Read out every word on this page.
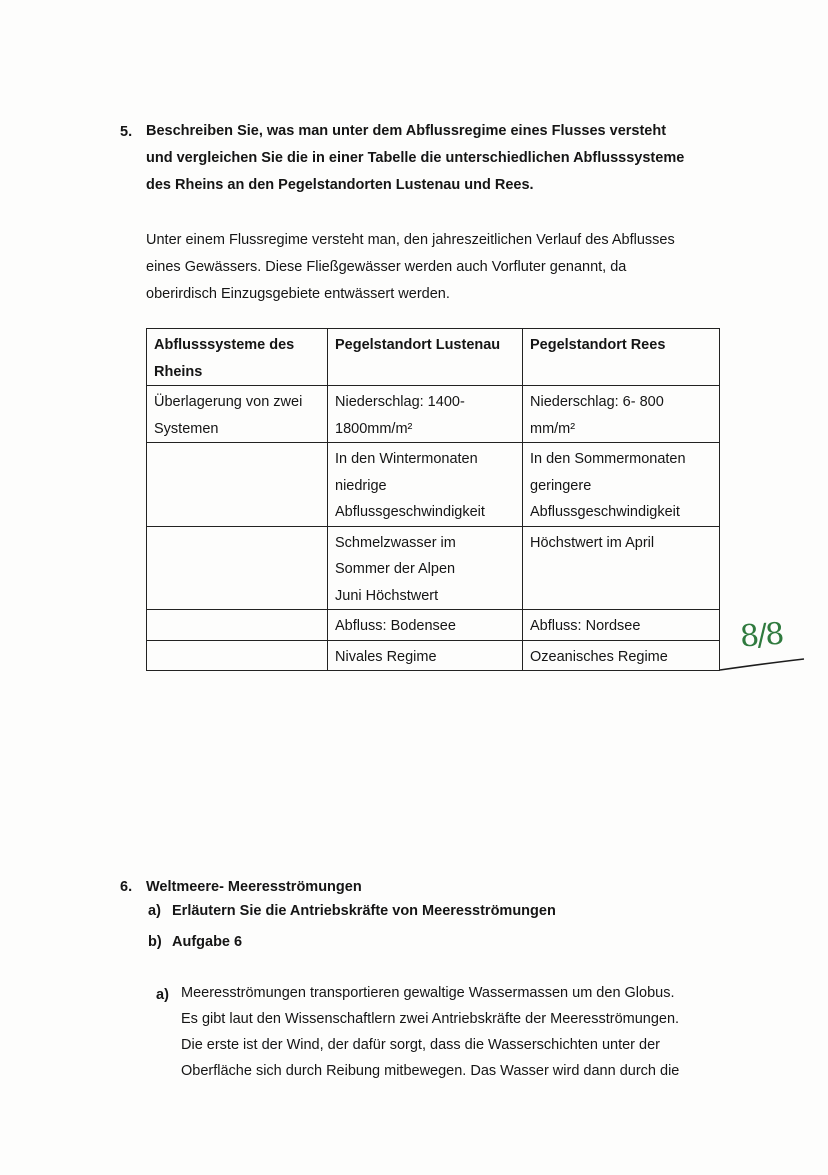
5. Beschreiben Sie, was man unter dem Abflussregime eines Flusses versteht
und vergleichen Sie die in einer Tabelle die unterschiedlichen Abflusssysteme
des Rheins an den Pegelstandorten Lustenau und Rees.
Unter einem Flussregime versteht man, den jahreszeitlichen Verlauf des Abflusses
eines Gewässers. Diese Fließgewässer werden auch Vorfluter genannt, da
oberirdisch Einzugsgebiete entwässert werden.
Abflusssysteme des
Rheins	Pegelstandort Lustenau	Pegelstandort Rees

Überlagerung von zwei
Systemen	Niederschlag: 1400-
1800mm/m²	Niederschlag: 6- 800
mm/m²

	In den Wintermonaten
niedrige
Abflussgeschwindigkeit	In den Sommermonaten
geringere
Abflussgeschwindigkeit

	Schmelzwasser im
Sommer der Alpen
Juni Höchstwert	Höchstwert im April

	Abfluss: Bodensee	Abfluss: Nordsee

	Nivales Regime	Ozeanisches Regime
8/8
6. Weltmeere- Meeresströmungen
a) Erläutern Sie die Antriebskräfte von Meeresströmungen
b) Aufgabe 6
a) Meeresströmungen transportieren gewaltige Wassermassen um den Globus.
Es gibt laut den Wissenschaftlern zwei Antriebskräfte der Meeresströmungen.
Die erste ist der Wind, der dafür sorgt, dass die Wasserschichten unter der
Oberfläche sich durch Reibung mitbewegen. Das Wasser wird dann durch die
